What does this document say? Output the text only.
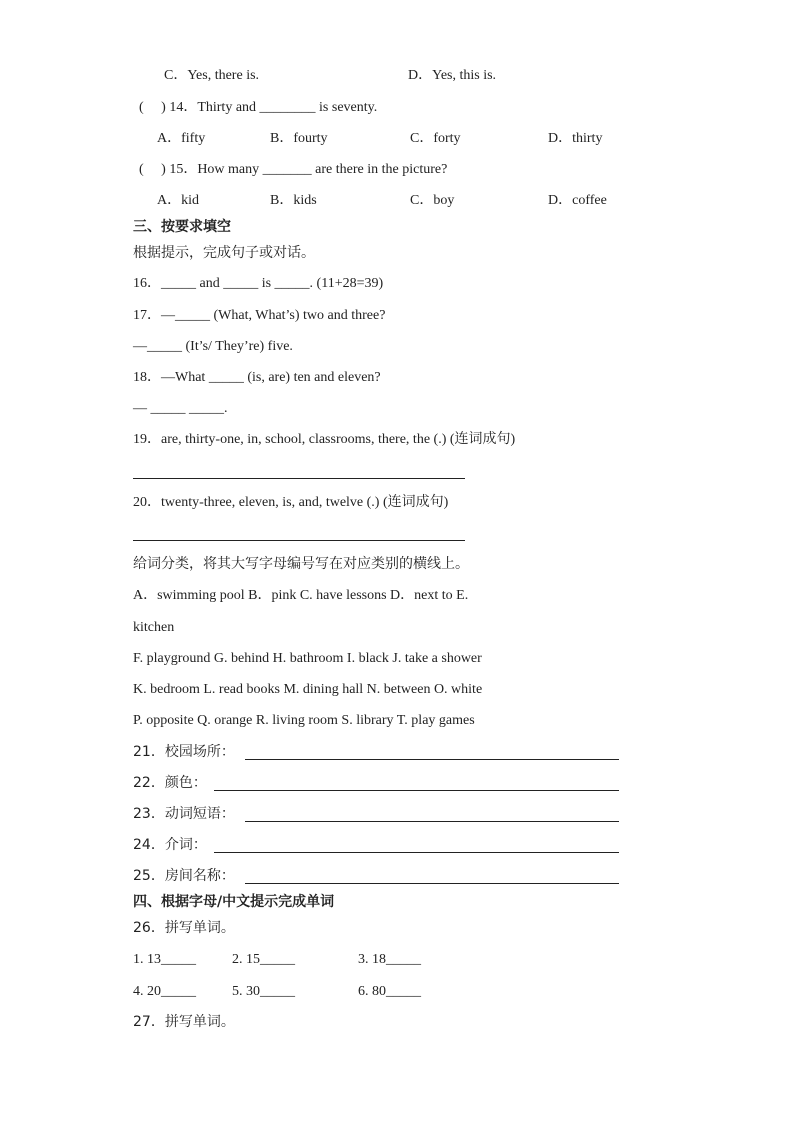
C．Yes, there is.	D．Yes, this is.
(　 ) 14．Thirty and ________ is seventy.
A．fifty	B．fourty	C．forty	D．thirty
(　 ) 15．How many _______ are there in the picture?
A．kid	B．kids	C．boy	D．coffee
三、按要求填空
根据提示，完成句子或对话。
16．_____ and _____ is _____. (11+28=39)
17．—_____ (What, What’s) two and three?
—_____ (It’s/ They’re) five.
18．—What _____ (is, are) ten and eleven?
— _____ _____.
19．are, thirty-one, in, school, classrooms, there, the (.) (连词成句)
20．twenty-three, eleven, is, and, twelve (.) (连词成句)
给词分类，将其大写字母编号写在对应类别的横线上。
A．swimming pool B．pink C. have lessons D．next to E.
kitchen
F. playground G. behind H. bathroom I. black J. take a shower
K. bedroom L. read books M. dining hall N. between O. white
P. opposite Q. orange R. living room S. library T. play games
21．校园场所：
22．颜色：
23．动词短语：
24．介词：
25．房间名称：
四、根据字母/中文提示完成单词
26．拼写单词。
1. 13_____	2. 15_____	3. 18_____
4. 20_____	5. 30_____	6. 80_____
27．拼写单词。
